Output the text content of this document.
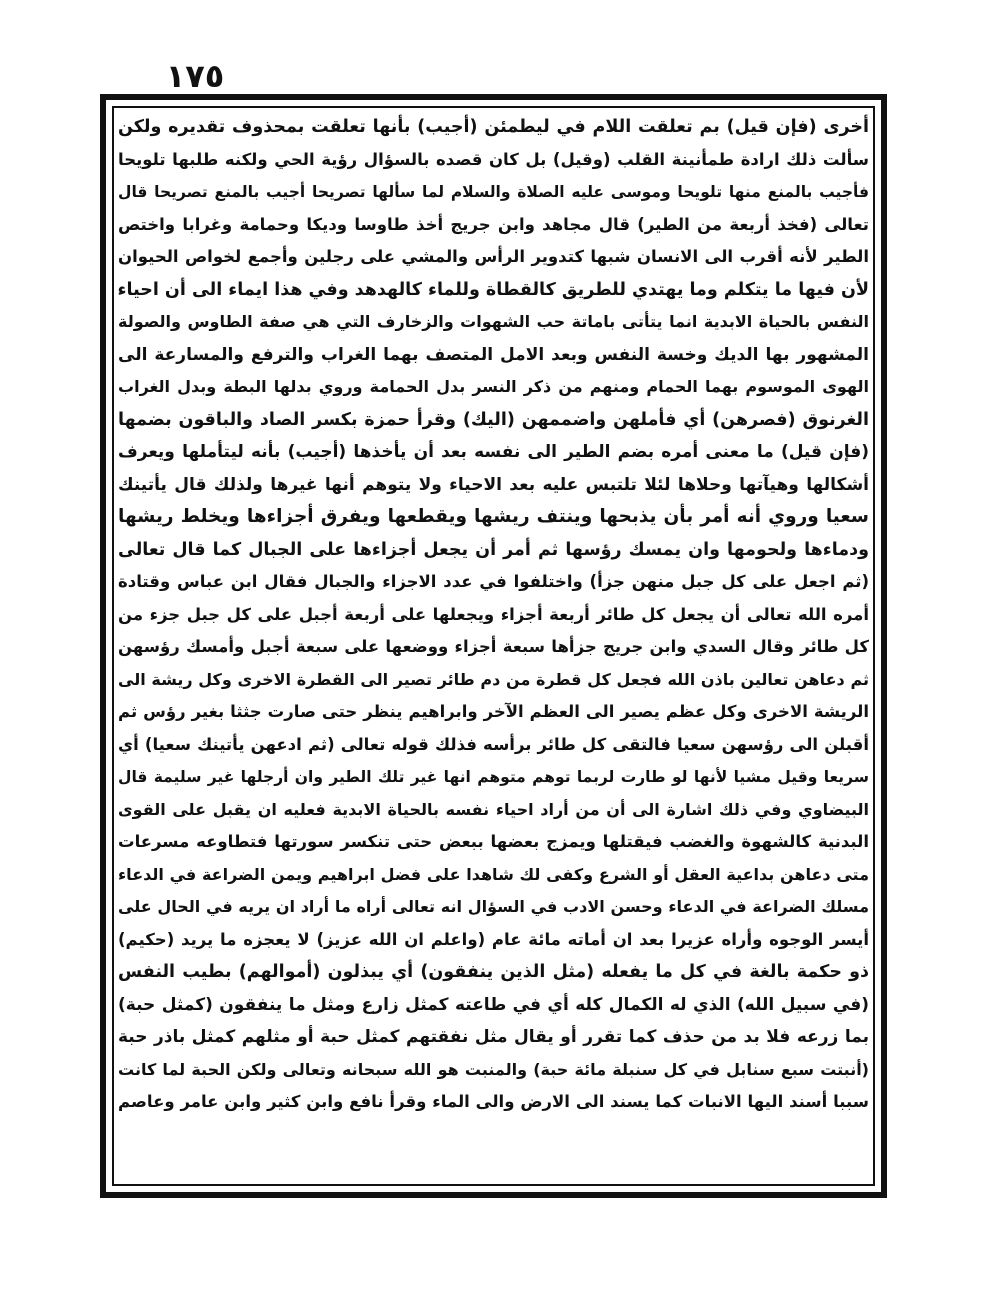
١٧٥
أخرى (فإن قيل) بم تعلقت اللام في ليطمئن (أجيب) بأنها تعلقت بمحذوف تقديره ولكن
سألت ذلك ارادة طمأنينة القلب (وقيل) بل كان قصده بالسؤال رؤية الحي ولكنه طلبها تلويحا
فأجيب بالمنع منها تلويحا وموسى عليه الصلاة والسلام لما سألها تصريحا أجيب بالمنع تصريحا قال
تعالى (فخذ أربعة من الطير) قال مجاهد وابن جريج أخذ طاوسا وديكا وحمامة وغرابا واختص
الطير لأنه أقرب الى الانسان شبها كتدوير الرأس والمشي على رجلين وأجمع لخواص الحيوان
لأن فيها ما يتكلم وما يهتدي للطريق كالقطاة وللماء كالهدهد وفي هذا ايماء الى أن احياء
النفس بالحياة الابدية انما يتأتى باماتة حب الشهوات والزخارف التي هي صفة الطاوس والصولة
المشهور بها الديك وخسة النفس وبعد الامل المتصف بهما الغراب والترفع والمسارعة الى
الهوى الموسوم بهما الحمام ومنهم من ذكر النسر بدل الحمامة وروي بدلها البطة وبدل الغراب
الغرنوق (فصرهن) أي فأملهن واضممهن (اليك) وقرأ حمزة بكسر الصاد والباقون بضمها
(فإن قيل) ما معنى أمره بضم الطير الى نفسه بعد أن يأخذها (أجيب) بأنه ليتأملها ويعرف
أشكالها وهيآتها وحلاها لئلا تلتبس عليه بعد الاحياء ولا يتوهم أنها غيرها ولذلك قال يأتينك
سعيا وروي أنه أمر بأن يذبحها وينتف ريشها ويقطعها ويفرق أجزاءها ويخلط ريشها
ودماءها ولحومها وان يمسك رؤسها ثم أمر أن يجعل أجزاءها على الجبال كما قال تعالى
(ثم اجعل على كل جبل منهن جزأ) واختلفوا في عدد الاجزاء والجبال فقال ابن عباس وقتادة
أمره الله تعالى أن يجعل كل طائر أربعة أجزاء ويجعلها على أربعة أجبل على كل جبل جزء من
كل طائر وقال السدي وابن جريج جزأها سبعة أجزاء ووضعها على سبعة أجبل وأمسك رؤسهن
ثم دعاهن تعالين باذن الله فجعل كل قطرة من دم طائر تصير الى القطرة الاخرى وكل ريشة الى
الريشة الاخرى وكل عظم يصير الى العظم الآخر وابراهيم ينظر حتى صارت جثثا بغير رؤس ثم
أقبلن الى رؤسهن سعيا فالتقى كل طائر برأسه فذلك قوله تعالى (ثم ادعهن يأتينك سعيا) أي
سريعا وقيل مشيا لأنها لو طارت لربما توهم متوهم انها غير تلك الطير وان أرجلها غير سليمة قال
البيضاوي وفي ذلك اشارة الى أن من أراد احياء نفسه بالحياة الابدية فعليه ان يقبل على القوى
البدنية كالشهوة والغضب فيقتلها ويمزج بعضها ببعض حتى تنكسر سورتها فتطاوعه مسرعات
متى دعاهن بداعية العقل أو الشرع وكفى لك شاهدا على فضل ابراهيم ويمن الضراعة في الدعاء
مسلك الضراعة في الدعاء وحسن الادب في السؤال انه تعالى أراه ما أراد ان يريه في الحال على
أيسر الوجوه وأراه عزيرا بعد ان أماته مائة عام (واعلم ان الله عزيز) لا يعجزه ما يريد (حكيم)
ذو حكمة بالغة في كل ما يفعله (مثل الذين ينفقون) أي يبذلون (أموالهم) بطيب النفس
(في سبيل الله) الذي له الكمال كله أي في طاعته كمثل زارع ومثل ما ينفقون (كمثل حبة)
بما زرعه فلا بد من حذف كما تقرر أو يقال مثل نفقتهم كمثل حبة أو مثلهم كمثل باذر حبة
(أنبتت سبع سنابل في كل سنبلة مائة حبة) والمنبت هو الله سبحانه وتعالى ولكن الحبة لما كانت
سببا أسند اليها الانبات كما يسند الى الارض والى الماء وقرأ نافع وابن كثير وابن عامر وعاصم
